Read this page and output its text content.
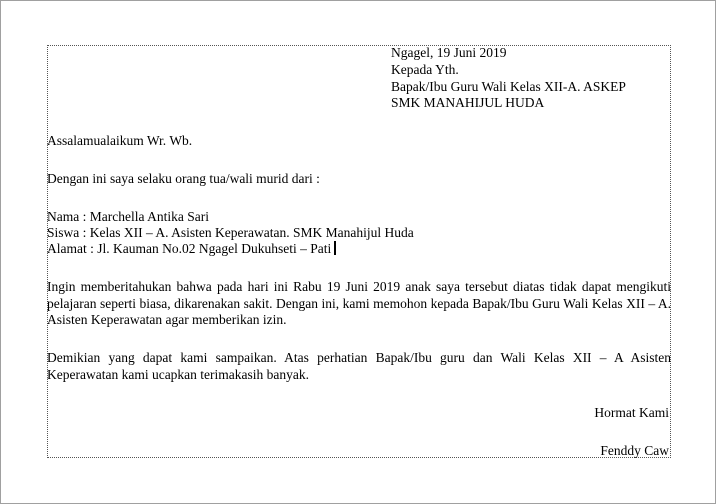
Ngagel, 19 Juni 2019
Kepada Yth.
Bapak/Ibu Guru Wali Kelas XII-A. ASKEP
SMK MANAHIJUL HUDA
Assalamualaikum Wr. Wb.
Dengan ini saya selaku orang tua/wali murid dari :
Nama : Marchella Antika Sari
Siswa : Kelas XII – A. Asisten Keperawatan. SMK Manahijul Huda
Alamat : Jl. Kauman No.02 Ngagel Dukuhseti – Pati
Ingin memberitahukan bahwa pada hari ini Rabu 19 Juni 2019 anak saya tersebut diatas tidak dapat mengikuti pelajaran seperti biasa, dikarenakan sakit. Dengan ini, kami memohon kepada Bapak/Ibu Guru Wali Kelas XII – A. Asisten Keperawatan agar memberikan izin.
Demikian yang dapat kami sampaikan. Atas perhatian Bapak/Ibu guru dan Wali Kelas XII – A Asisten Keperawatan kami ucapkan terimakasih banyak.
Hormat Kami
Fenddy Caw
